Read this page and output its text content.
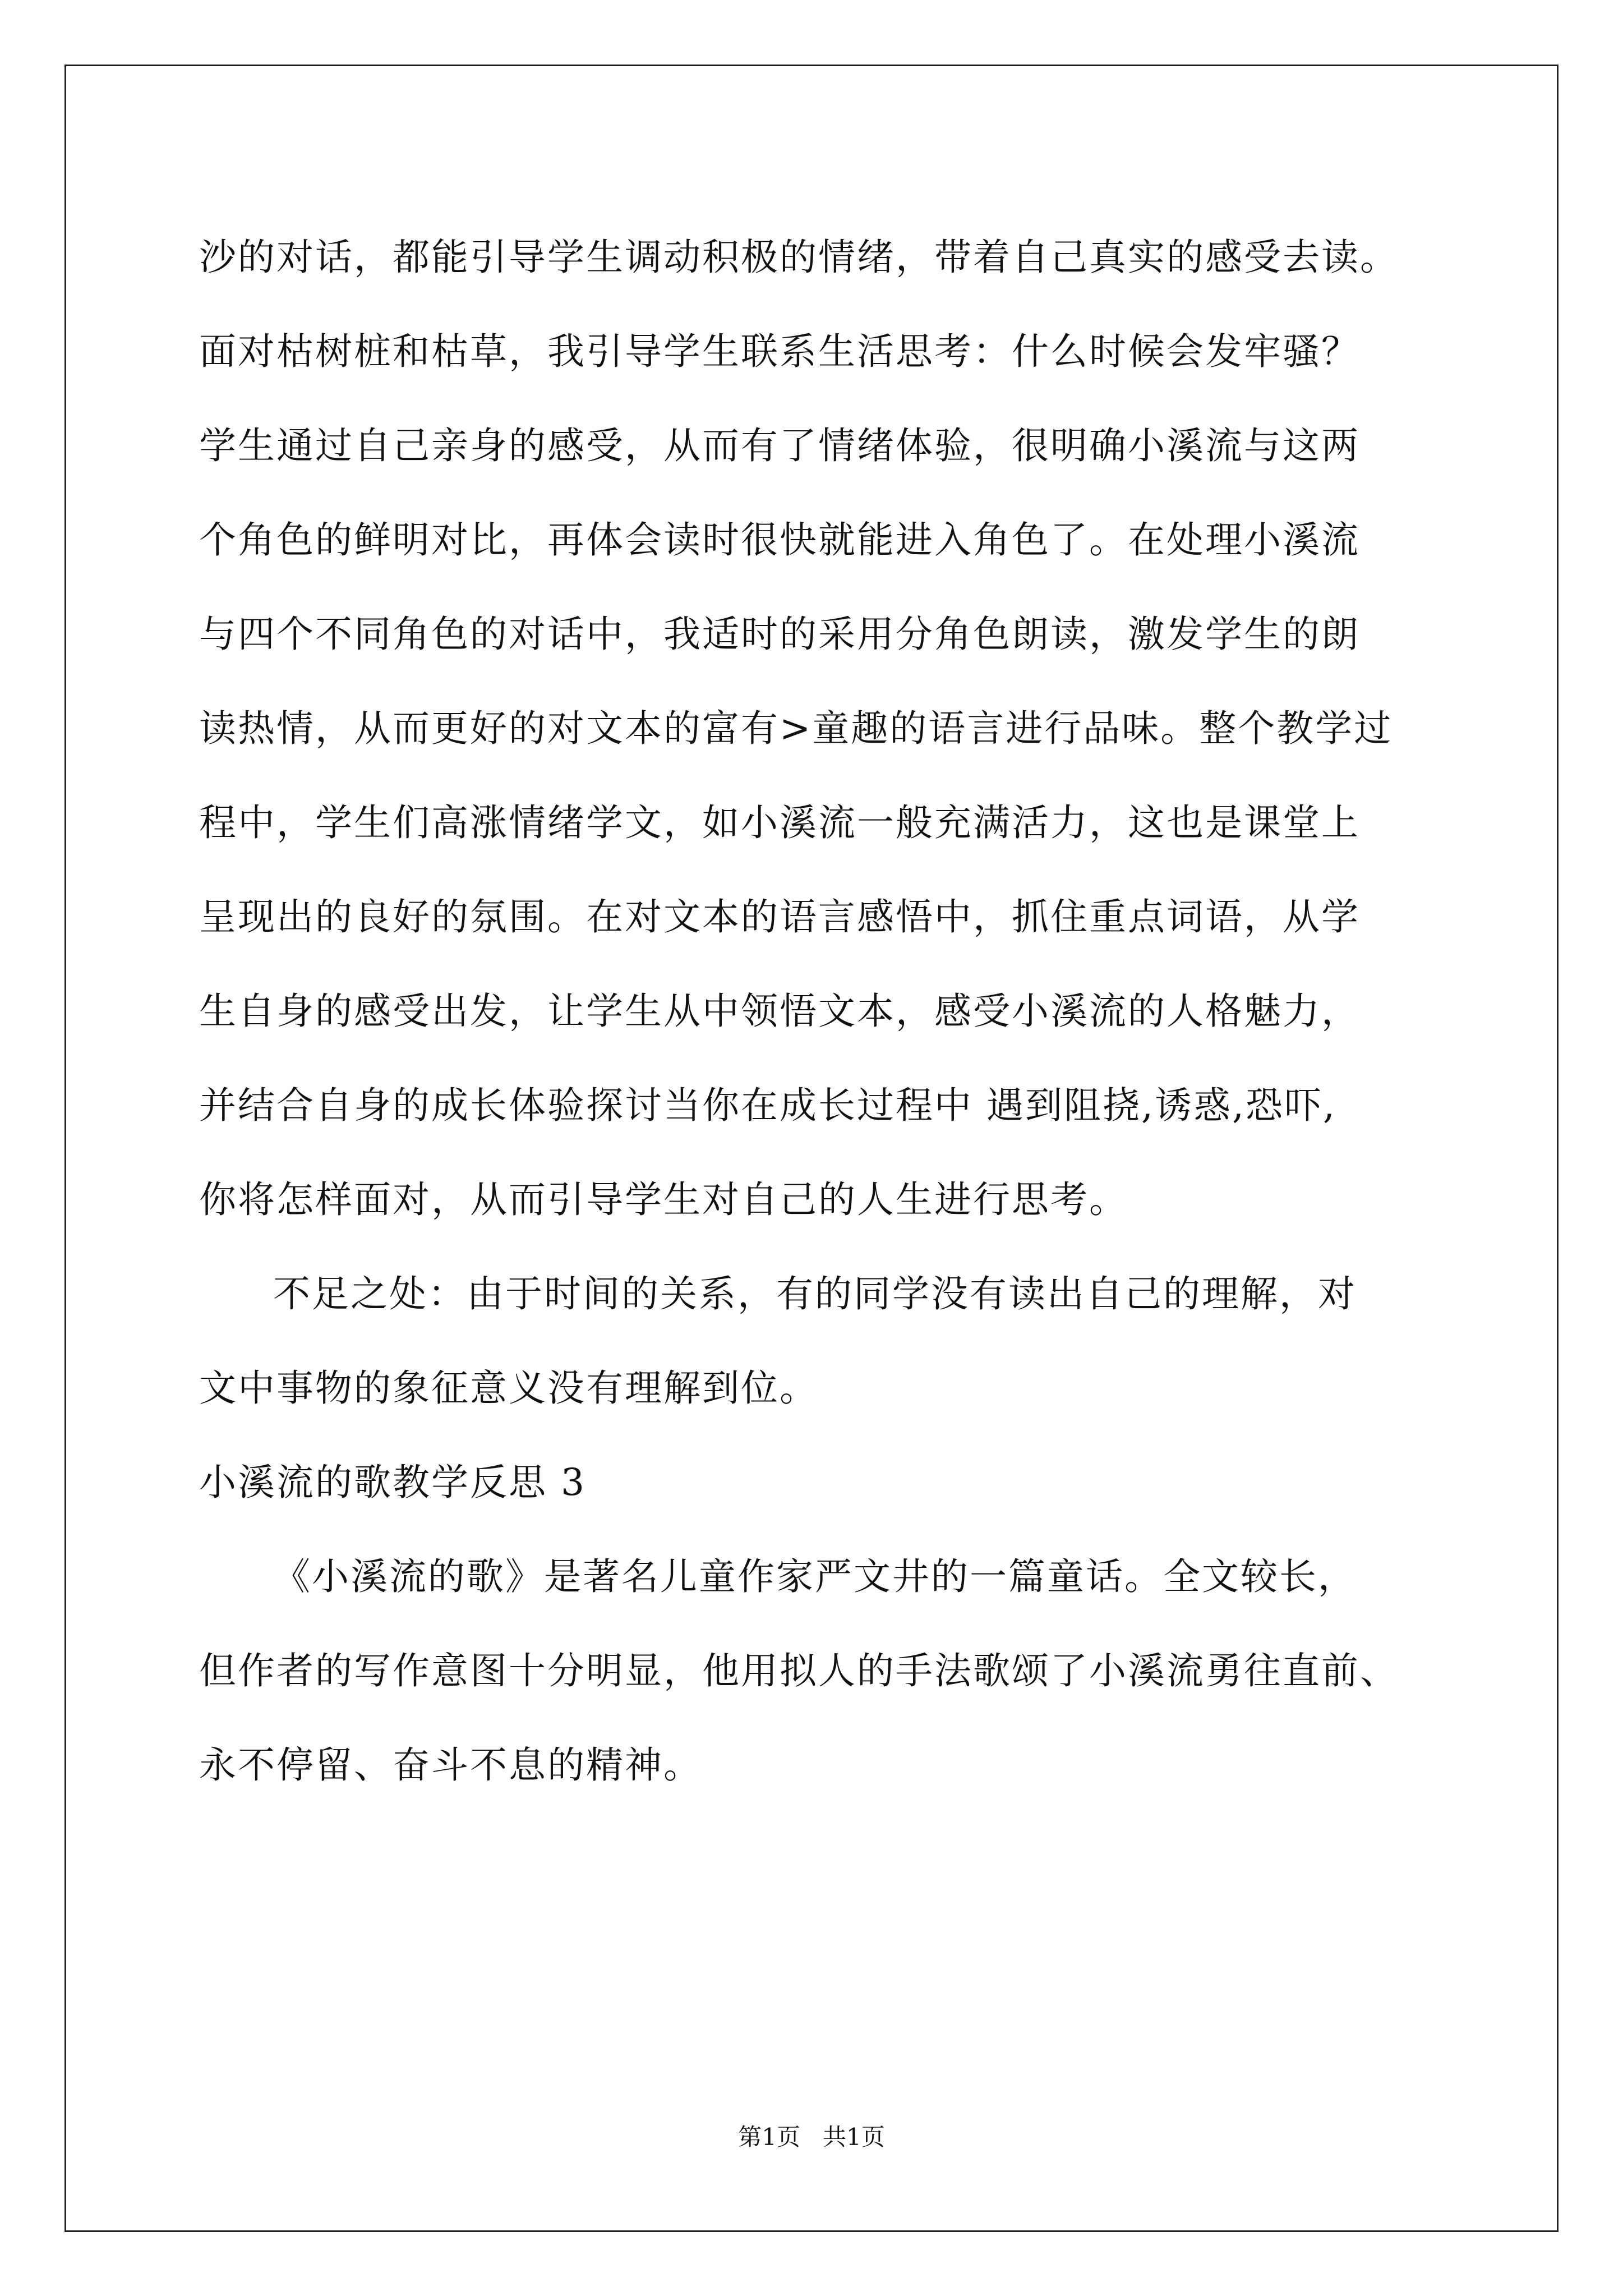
沙的对话，都能引导学生调动积极的情绪，带着自己真实的感受去读。
面对枯树桩和枯草，我引导学生联系生活思考：什么时候会发牢骚？
学生通过自己亲身的感受，从而有了情绪体验，很明确小溪流与这两
个角色的鲜明对比，再体会读时很快就能进入角色了。在处理小溪流
与四个不同角色的对话中，我适时的采用分角色朗读，激发学生的朗
读热情，从而更好的对文本的富有>童趣的语言进行品味。整个教学过
程中，学生们高涨情绪学文，如小溪流一般充满活力，这也是课堂上
呈现出的良好的氛围。在对文本的语言感悟中，抓住重点词语，从学
生自身的感受出发，让学生从中领悟文本，感受小溪流的人格魅力，
并结合自身的成长体验探讨当你在成长过程中 遇到阻挠,诱惑,恐吓,
你将怎样面对，从而引导学生对自己的人生进行思考。
不足之处：由于时间的关系，有的同学没有读出自己的理解，对
文中事物的象征意义没有理解到位。
小溪流的歌教学反思 3
《小溪流的歌》是著名儿童作家严文井的一篇童话。全文较长，
但作者的写作意图十分明显，他用拟人的手法歌颂了小溪流勇往直前、
永不停留、奋斗不息的精神。
第1页   共1页
